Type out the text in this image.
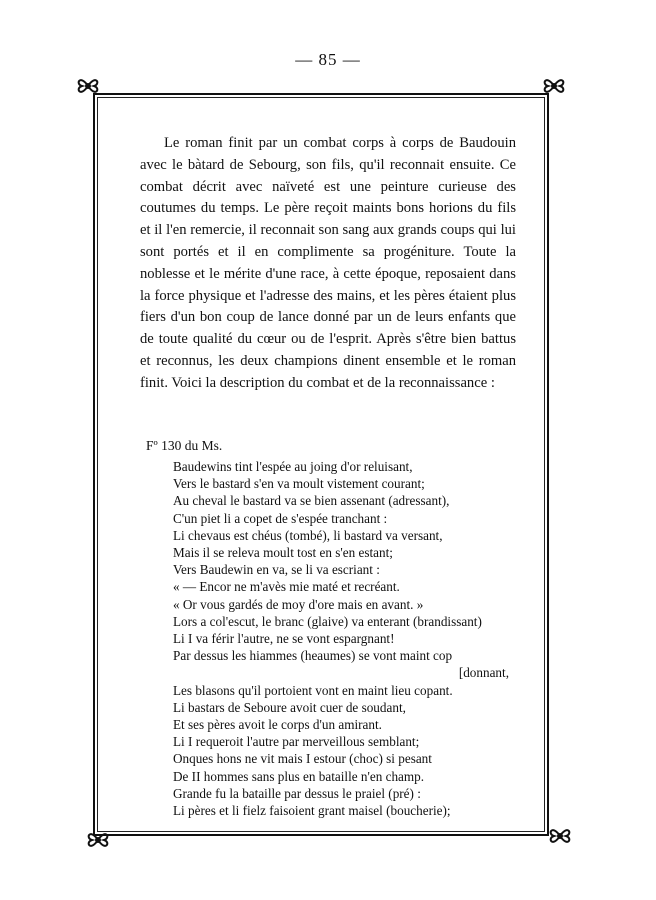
— 85 —

Le roman finit par un combat corps à corps de Baudouin avec le bàtard de Sebourg, son fils, qu'il reconnait ensuite. Ce combat décrit avec naïveté est une peinture curieuse des coutumes du temps. Le père reçoit maints bons horions du fils et il l'en remercie, il reconnait son sang aux grands coups qui lui sont portés et il en complimente sa progéniture. Toute la noblesse et le mérite d'une race, à cette époque, reposaient dans la force physique et l'adresse des mains, et les pères étaient plus fiers d'un bon coup de lance donné par un de leurs enfants que de toute qualité du cœur ou de l'esprit. Après s'être bien battus et reconnus, les deux champions dinent ensemble et le roman finit. Voici la description du combat et de la reconnaissance :

Fº 130 du Ms.
Baudewins tint l'espée au joing d'or reluisant,
Vers le bastard s'en va moult vistement courant;
Au cheval le bastard va se bien assenant (adressant),
C'un piet li a copet de s'espée tranchant :
Li chevaus est chéus (tombé), li bastard va versant,
Mais il se releva moult tost en s'en estant;
Vers Baudewin en va, se li va escriant :
« — Encor ne m'avès mie maté et recréant.
« Or vous gardés de moy d'ore mais en avant. »
Lors a col'escut, le branc (glaive) va enterant (brandissant)
Li I va férir l'autre, ne se vont espargnant!
Par dessus les hiammes (heaumes) se vont maint cop
[donnant,
Les blasons qu'il portoient vont en maint lieu copant.
Li bastars de Seboure avoit cuer de soudant,
Et ses pères avoit le corps d'un amirant.
Li I requeroit l'autre par merveillous semblant;
Onques hons ne vit mais I estour (choc) si pesant
De II hommes sans plus en bataille n'en champ.
Grande fu la bataille par dessus le praiel (pré) :
Li pères et li fielz faisoient grant maisel (boucherie);
